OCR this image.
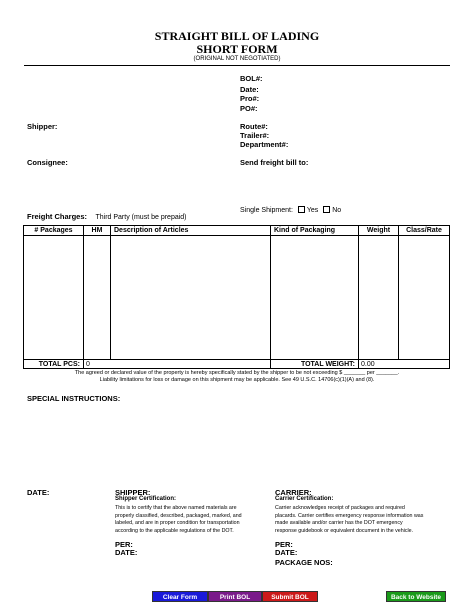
STRAIGHT BILL OF LADING
SHORT FORM
(ORIGINAL NOT NEGOTIATED)
BOL#:
Date:
Pro#:
PO#:
Route#:
Trailer#:
Department#:
Send freight bill to:
Shipper:
Consignee:
Freight Charges: Third Party (must be prepaid)
Single Shipment: Yes No
# Packages	HM	Description of Articles	Kind of Packaging	Weight	Class/Rate

TOTAL PCS:	0		TOTAL WEIGHT:	0.00	
The agreed or declared value of the property is hereby specifically stated by the shipper to be not exceeding $ _______ per _______.
Liability limitations for loss or damage on this shipment may be applicable. See 49 U.S.C. 14706(c)(1)(A) and (8).
SPECIAL INSTRUCTIONS:
DATE:	SHIPPER:
Shipper Certification:
This is to certify that the above named materials are
properly classified, described, packaged, marked, and
labeled, and are in proper condition for transportation
according to the applicable regulations of the DOT.
PER:
DATE:
CARRIER:
Carrier Certification:
Carrier acknowledges receipt of packages and required
placards. Carrier certifies emergency response information was
made available and/or carrier has the DOT emergency
response guidebook or equivalent document in the vehicle.
PER:
DATE:
PACKAGE NOS:
Clear Form	Print BOL	Submit BOL	Back to Website
